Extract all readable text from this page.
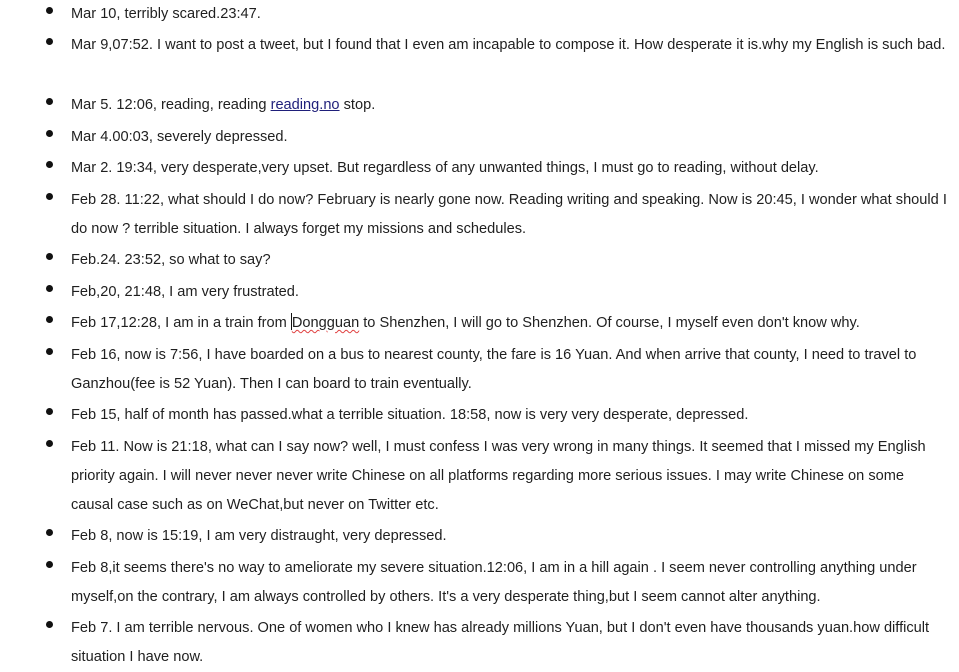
Mar 10, terribly scared.23:47.
Mar 9,07:52. I want to post a tweet, but I found that I even am incapable to compose it. How desperate it is.why my English is such bad.
Mar 5. 12:06, reading, reading reading.no stop.
Mar 4.00:03, severely depressed.
Mar 2. 19:34, very desperate,very upset. But regardless of any unwanted things, I must go to reading, without delay.
Feb 28. 11:22, what should I do now? February is nearly gone now. Reading writing and speaking. Now is 20:45, I wonder what should I do now ? terrible situation. I always forget my missions and schedules.
Feb.24. 23:52, so what to say?
Feb,20, 21:48, I am very frustrated.
Feb 17,12:28, I am in a train from Dongguan to Shenzhen, I will go to Shenzhen. Of course, I myself even don't know why.
Feb 16, now is 7:56, I have boarded on a bus to nearest county, the fare is 16 Yuan. And when arrive that county, I need to travel to Ganzhou(fee is 52 Yuan). Then I can board to train eventually.
Feb 15, half of month has passed.what a terrible situation. 18:58, now is very very desperate, depressed.
Feb 11. Now is 21:18, what can I say now? well, I must confess I was very wrong in many things. It seemed that I missed my English priority again. I will never never never write Chinese on all platforms regarding more serious issues. I may write Chinese on some causal case such as on WeChat,but never on Twitter etc.
Feb 8, now is 15:19, I am very distraught, very depressed.
Feb 8,it seems there's no way to ameliorate my severe situation.12:06, I am in a hill again . I seem never controlling anything under myself,on the contrary, I am always controlled by others. It's a very desperate thing,but I seem cannot alter anything.
Feb 7. I am terrible nervous. One of women who I knew has already millions Yuan, but I don't even have thousands yuan.how difficult situation I have now.
